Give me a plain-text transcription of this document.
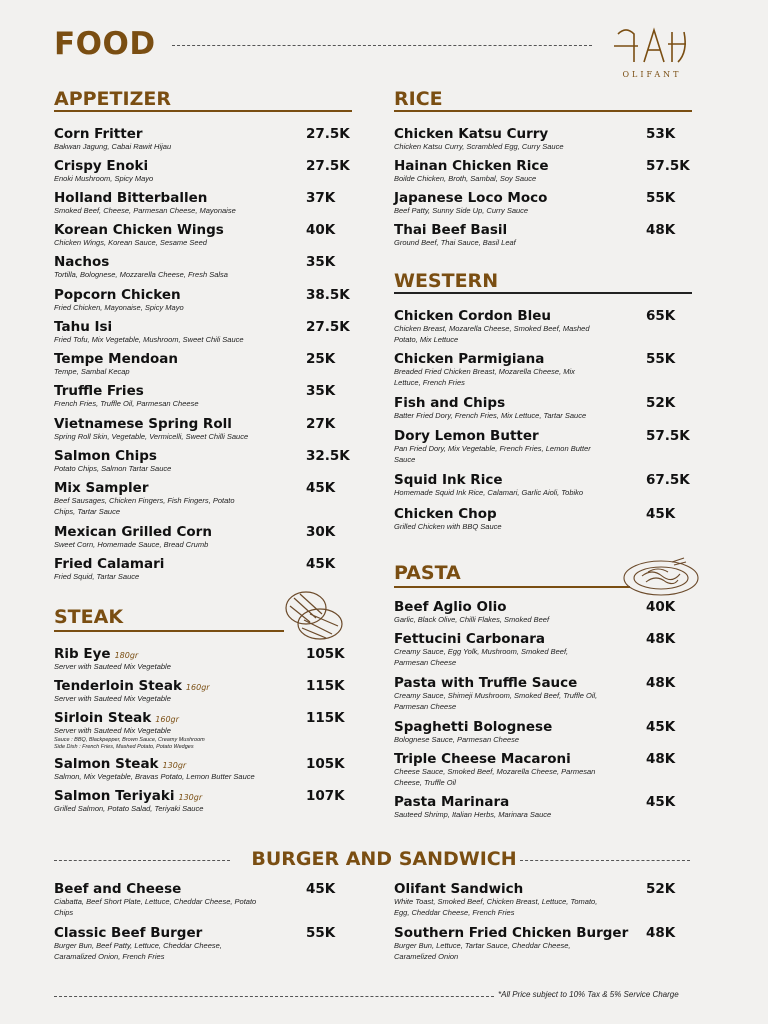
FOOD
OLIFANT
APPETIZER
Corn Fritter
Bakwan Jagung, Cabai Rawit Hijau
27.5K
Crispy Enoki
Enoki Mushroom, Spicy Mayo
27.5K
Holland Bitterballen
Smoked Beef, Cheese, Parmesan Cheese, Mayonaise
37K
Korean Chicken Wings
Chicken Wings, Korean Sauce, Sesame Seed
40K
Nachos
Tortilla, Bolognese, Mozzarella Cheese, Fresh Salsa
35K
Popcorn Chicken
Fried Chicken, Mayonaise, Spicy Mayo
38.5K
Tahu Isi
Fried Tofu, Mix Vegetable, Mushroom, Sweet Chili Sauce
27.5K
Tempe Mendoan
Tempe, Sambal Kecap
25K
Truffle Fries
French Fries, Truffle Oil, Parmesan Cheese
35K
Vietnamese Spring Roll
Spring Roll Skin, Vegetable, Vermicelli, Sweet Chilli Sauce
27K
Salmon Chips
Potato Chips, Salmon Tartar Sauce
32.5K
Mix Sampler
Beef Sausages, Chicken Fingers, Fish Fingers, Potato
Chips, Tartar Sauce
45K
Mexican Grilled Corn
Sweet Corn, Homemade Sauce, Bread Crumb
30K
Fried Calamari
Fried Squid, Tartar Sauce
45K
STEAK
Rib Eye 180gr
Server with Sauteed Mix Vegetable
105K
Tenderloin Steak 160gr
Server with Sauteed Mix Vegetable
115K
Sirloin Steak 160gr
Server with Sauteed Mix Vegetable
Sauce : BBQ, Blackpepper, Brown Sauce, Creamy Mushroom
Side Dish : French Fries, Mashed Potato, Potato Wedges
115K
Salmon Steak 130gr
Salmon, Mix Vegetable, Bravas Potato, Lemon Butter Sauce
105K
Salmon Teriyaki 130gr
Grilled Salmon, Potato Salad, Teriyaki Sauce
107K
RICE
Chicken Katsu Curry
Chicken Katsu Curry, Scrambled Egg, Curry Sauce
53K
Hainan Chicken Rice
Boilde Chicken, Broth, Sambal, Soy Sauce
57.5K
Japanese Loco Moco
Beef Patty, Sunny Side Up, Curry Sauce
55K
Thai Beef Basil
Ground Beef, Thai Sauce, Basil Leaf
48K
WESTERN
Chicken Cordon Bleu
Chicken Breast, Mozarella Cheese, Smoked Beef, Mashed
Potato, Mix Lettuce
65K
Chicken Parmigiana
Breaded Fried Chicken Breast, Mozarella Cheese, Mix
Lettuce, French Fries
55K
Fish and Chips
Batter Fried Dory, French Fries, Mix Lettuce, Tartar Sauce
52K
Dory Lemon Butter
Pan Fried Dory, Mix Vegetable, French Fries, Lemon Butter
Sauce
57.5K
Squid Ink Rice
Homemade Squid Ink Rice, Calamari, Garlic Aioli, Tobiko
67.5K
Chicken Chop
Grilled Chicken with BBQ Sauce
45K
PASTA
Beef Aglio Olio
Garlic, Black Olive, Chilli Flakes, Smoked Beef
40K
Fettucini Carbonara
Creamy Sauce, Egg Yolk, Mushroom, Smoked Beef,
Parmesan Cheese
48K
Pasta with Truffle Sauce
Creamy Sauce, Shimeji Mushroom, Smoked Beef, Truffle Oil,
Parmesan Cheese
48K
Spaghetti Bolognese
Bolognese Sauce, Parmesan Cheese
45K
Triple Cheese Macaroni
Cheese Sauce, Smoked Beef, Mozarella Cheese, Parmesan
Cheese, Truffle Oil
48K
Pasta Marinara
Sauteed Shrimp, Italian Herbs, Marinara Sauce
45K
Beef and Cheese
Ciabatta, Beef Short Plate, Lettuce, Cheddar Cheese, Potato
Chips
45K
Classic Beef Burger
Burger Bun, Beef Patty, Lettuce, Cheddar Cheese,
Caramalized Onion, French Fries
55K
Olifant Sandwich
White Toast, Smoked Beef, Chicken Breast, Lettuce, Tomato,
Egg, Cheddar Cheese, French Fries
52K
Southern Fried Chicken Burger
Burger Bun, Lettuce, Tartar Sauce, Cheddar Cheese,
Caramelized Onion
48K
BURGER AND SANDWICH
*All Price subject to 10% Tax & 5% Service Charge
